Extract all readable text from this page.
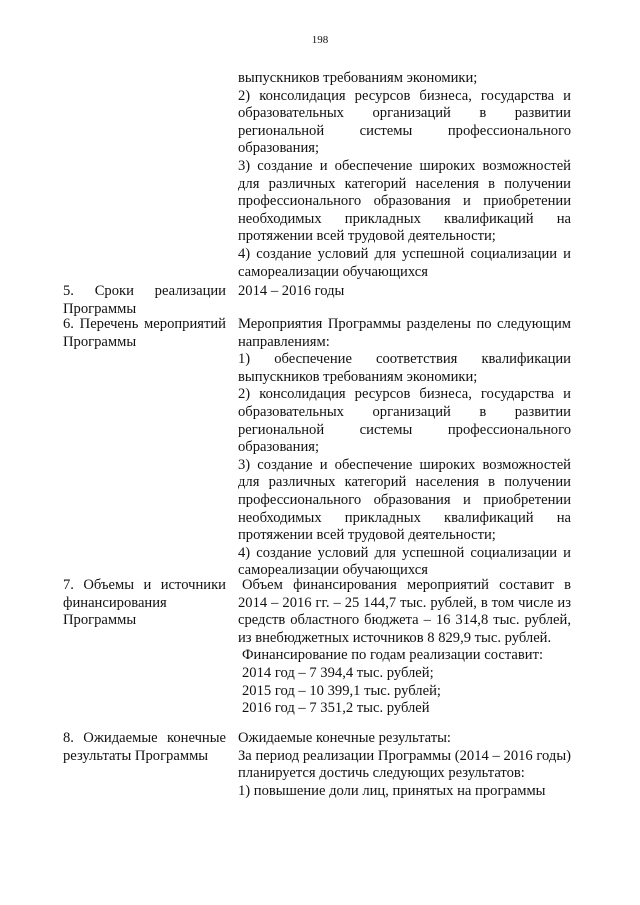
198

выпускников требованиям экономики;

2) консолидация ресурсов бизнеса, государства и образовательных организаций в развитии региональной системы профессионального образования;

3) создание и обеспечение широких возможностей для различных категорий населения в получении профессионального образования и приобретении необходимых прикладных квалификаций на протяжении всей трудовой деятельности;

4) создание условий для успешной социализации и самореализации обучающихся

5. Сроки реализации Программы

2014 – 2016 годы

6. Перечень мероприятий Программы

Мероприятия Программы разделены по следующим направлениям:

1) обеспечение соответствия квалификации выпускников требованиям экономики;

2) консолидация ресурсов бизнеса, государства и образовательных организаций в развитии региональной системы профессионального образования;

3) создание и обеспечение широких возможностей для различных категорий населения в получении профессионального образования и приобретении необходимых прикладных квалификаций на протяжении всей трудовой деятельности;

4) создание условий для успешной социализации и самореализации обучающихся

7. Объемы и источники финансирования Программы

Объем финансирования мероприятий составит в 2014 – 2016 гг. – 25 144,7 тыс. рублей, в том числе из средств областного бюджета – 16 314,8 тыс. рублей, из внебюджетных источников 8 829,9 тыс. рублей.

Финансирование по годам реализации составит:

2014 год – 7 394,4 тыс. рублей;

2015 год – 10 399,1 тыс. рублей;

2016 год – 7 351,2 тыс. рублей

8. Ожидаемые конечные результаты Программы

Ожидаемые конечные результаты:

За период реализации Программы (2014 – 2016 годы) планируется достичь следующих результатов:

1) повышение доли лиц, принятых на программы
